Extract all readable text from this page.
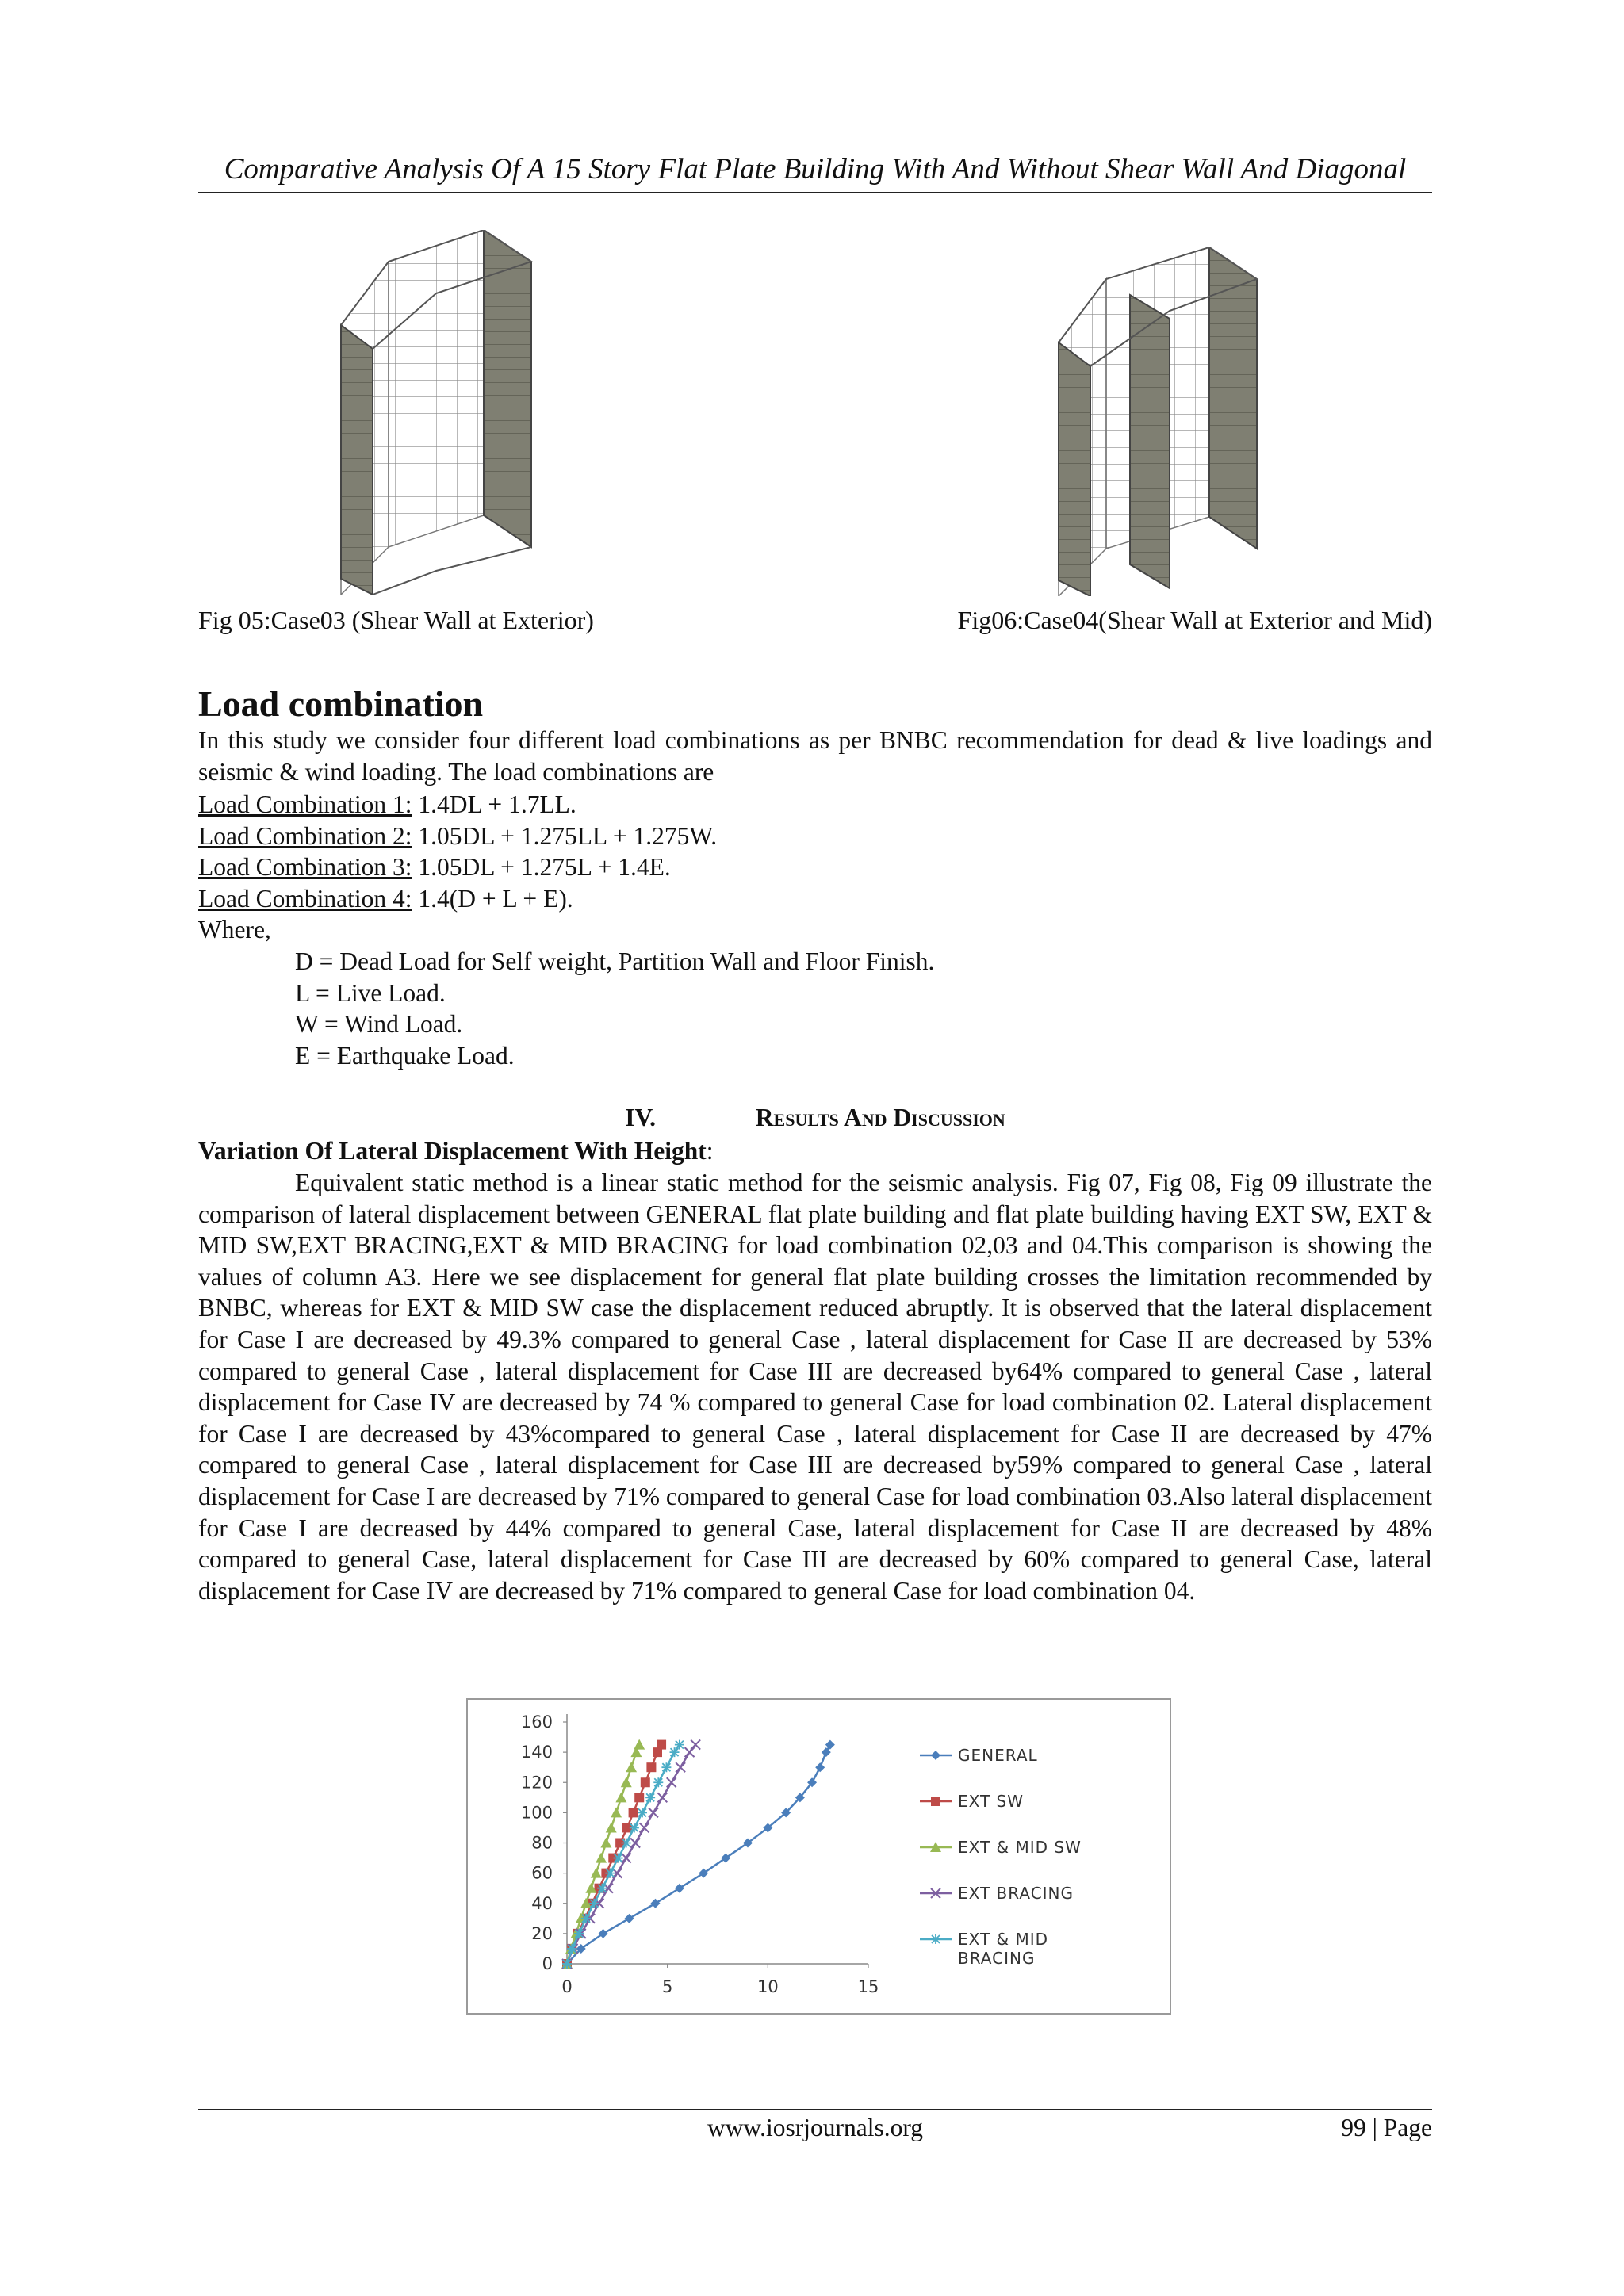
Comparative Analysis Of A 15 Story Flat Plate Building With And Without Shear Wall And Diagonal
Fig 05:Case03 (Shear Wall at Exterior)	Fig06:Case04(Shear Wall at Exterior and Mid)
Load combination

In this study we consider four different load combinations as per BNBC recommendation for dead & live loadings and seismic & wind loading. The load combinations are

Load Combination 1: 1.4DL + 1.7LL.
Load Combination 2: 1.05DL + 1.275LL + 1.275W.
Load Combination 3: 1.05DL + 1.275L + 1.4E.
Load Combination 4: 1.4(D + L + E).
Where,
D = Dead Load for Self weight, Partition Wall and Floor Finish.
L = Live Load.
W = Wind Load.
E = Earthquake Load.
IV.	Results And Discussion
Variation Of Lateral Displacement With Height:

Equivalent static method is a linear static method for the seismic analysis. Fig 07, Fig 08, Fig 09 illustrate the comparison of lateral displacement between GENERAL flat plate building and flat plate building having EXT SW, EXT & MID SW,EXT BRACING,EXT & MID BRACING for load combination 02,03 and 04.This comparison is showing the values of column A3. Here we see displacement for general flat plate building crosses the limitation recommended by BNBC, whereas for EXT & MID SW case the displacement reduced abruptly. It is observed that the lateral displacement for Case I are decreased by 49.3% compared to general Case , lateral displacement for Case II are decreased by 53% compared to general Case , lateral displacement for Case III are decreased by64% compared to general Case , lateral displacement for Case IV are decreased by 74 % compared to general Case for load combination 02. Lateral displacement for Case I are decreased by 43%compared to general Case , lateral displacement for Case II are decreased by 47% compared to general Case , lateral displacement for Case III are decreased by59% compared to general Case , lateral displacement for Case I are decreased by 71% compared to general Case for load combination 03.Also lateral displacement for Case I are decreased by 44% compared to general Case, lateral displacement for Case II are decreased by 48% compared to general Case, lateral displacement for Case III are decreased by 60% compared to general Case, lateral displacement for Case IV are decreased by 71% compared to general Case for load combination 04.

0
20
40
60
80
100
120
140
160
0	5	10	15
GENERAL
EXT SW
EXT & MID SW
EXT BRACING
EXT & MID
BRACING
www.iosrjournals.org	99 | Page
